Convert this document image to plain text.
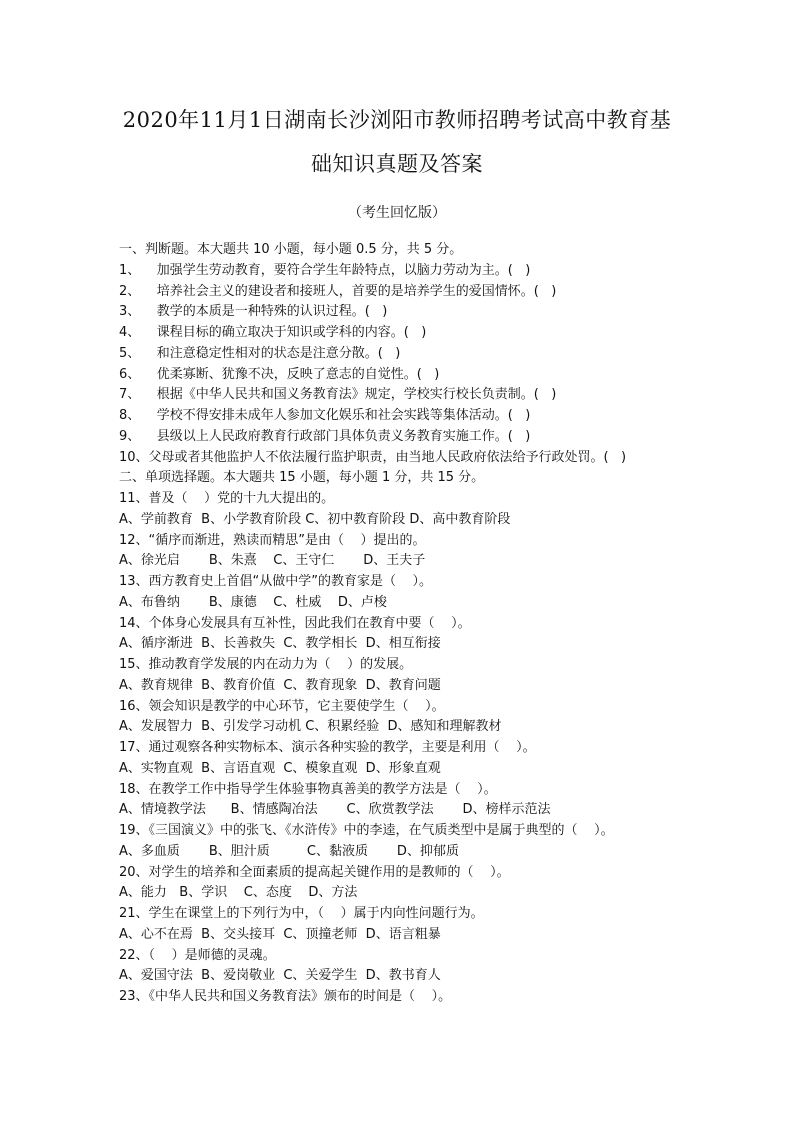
2020年11月1日湖南长沙浏阳市教师招聘考试高中教育基
础知识真题及答案
（考生回忆版）
一、判断题。本大题共 10 小题，每小题 0.5 分，共 5 分。
1、    加强学生劳动教育，要符合学生年龄特点，以脑力劳动为主。(   )
2、    培养社会主义的建设者和接班人，首要的是培养学生的爱国情怀。(   )
3、    教学的本质是一种特殊的认识过程。(   )
4、    课程目标的确立取决于知识或学科的内容。(   )
5、    和注意稳定性相对的状态是注意分散。(   )
6、    优柔寡断、犹豫不决，反映了意志的自觉性。(   )
7、    根据《中华人民共和国义务教育法》规定，学校实行校长负责制。(   )
8、    学校不得安排未成年人参加文化娱乐和社会实践等集体活动。(   )
9、    县级以上人民政府教育行政部门具体负责义务教育实施工作。(   )
10、父母或者其他监护人不依法履行监护职责，由当地人民政府依法给予行政处罚。(   )
二、单项选择题。本大题共 15 小题，每小题 1 分，共 15 分。
11、普及（    ）党的十九大提出的。
A、学前教育  B、小学教育阶段 C、初中教育阶段 D、高中教育阶段
12、“循序而渐进，熟读而精思”是由（    ）提出的。
A、徐光启       B、朱熹    C、王守仁       D、王夫子
13、西方教育史上首倡“从做中学”的教育家是（    ）。
A、布鲁纳       B、康德    C、杜威    D、卢梭
14、个体身心发展具有互补性，因此我们在教育中要（    ）。
A、循序渐进  B、长善救失  C、教学相长  D、相互衔接
15、推动教育学发展的内在动力为（    ）的发展。
A、教育规律  B、教育价值  C、教育现象  D、教育问题
16、领会知识是教学的中心环节，它主要使学生（    ）。
A、发展智力  B、引发学习动机 C、积累经验  D、感知和理解教材
17、通过观察各种实物标本、演示各种实验的教学，主要是利用（    ）。
A、实物直观  B、言语直观  C、模象直观  D、形象直观
18、在教学工作中指导学生体验事物真善美的教学方法是（    ）。
A、情境教学法      B、情感陶冶法       C、欣赏教学法       D、榜样示范法
19、《三国演义》中的张飞、《水浒传》中的李逵，在气质类型中是属于典型的（    ）。
A、多血质       B、胆汁质         C、黏液质       D、抑郁质
20、对学生的培养和全面素质的提高起关键作用的是教师的（    ）。
A、能力   B、学识    C、态度    D、方法
21、学生在课堂上的下列行为中，（    ）属于内向性问题行为。
A、心不在焉  B、交头接耳  C、顶撞老师  D、语言粗暴
22、（    ）是师德的灵魂。
A、爱国守法  B、爱岗敬业  C、关爱学生  D、教书育人
23、《中华人民共和国义务教育法》颁布的时间是（    ）。
